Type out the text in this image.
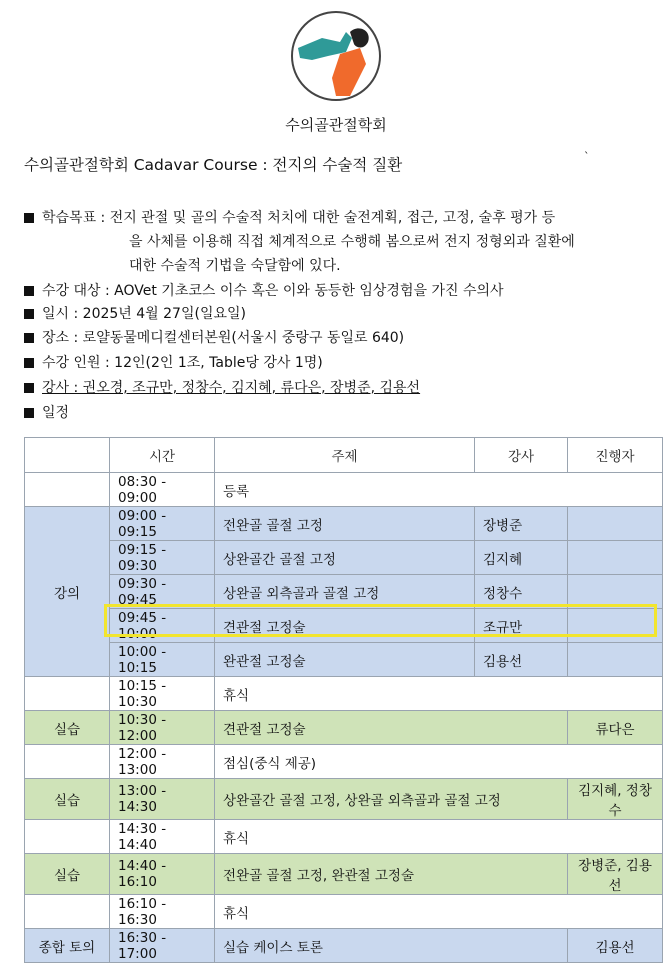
수의골관절학회
수의골관절학회 Cadavar Course : 전지의 수술적 질환	`
학습목표 : 전지 관절 및 골의 수술적 처치에 대한 술전계획, 접근, 고정, 술후 평가 등
을 사체를 이용해 직접 체계적으로 수행해 봄으로써 전지 정형외과 질환에
대한 수술적 기법을 숙달함에 있다.
수강 대상 : AOVet 기초코스 이수 혹은 이와 동등한 임상경험을 가진 수의사
일시 : 2025년 4월 27일(일요일)
장소 : 로얄동물메디컬센터본원(서울시 중랑구 동일로 640)
수강 인원 : 12인(2인 1조, Table당 강사 1명)
강사 : 권오경, 조규만, 정창수, 김지혜, 류다은, 장병준, 김용선
일정
	시간	주제	강사	진행자
	08:30 - 09:00	등록		
강의	09:00 - 09:15	전완골 골절 고정	장병준	
	09:15 - 09:30	상완골간 골절 고정	김지혜	
	09:30 - 09:45	상완골 외측골과 골절 고정	정창수	
	09:45 - 10:00	견관절 고정술	조규만	
	10:00 - 10:15	완관절 고정술	김용선	
	10:15 - 10:30	휴식		
실습	10:30 - 12:00	견관절 고정술		류다은
	12:00 - 13:00	점심(중식 제공)		
실습	13:00 - 14:30	상완골간 골절 고정, 상완골 외측골과 골절 고정		김지혜, 정창수
	14:30 - 14:40	휴식		
실습	14:40 - 16:10	전완골 골절 고정, 완관절 고정술		장병준, 김용선
	16:10 - 16:30	휴식		
종합 토의	16:30 - 17:00	실습 케이스 토론		김용선
